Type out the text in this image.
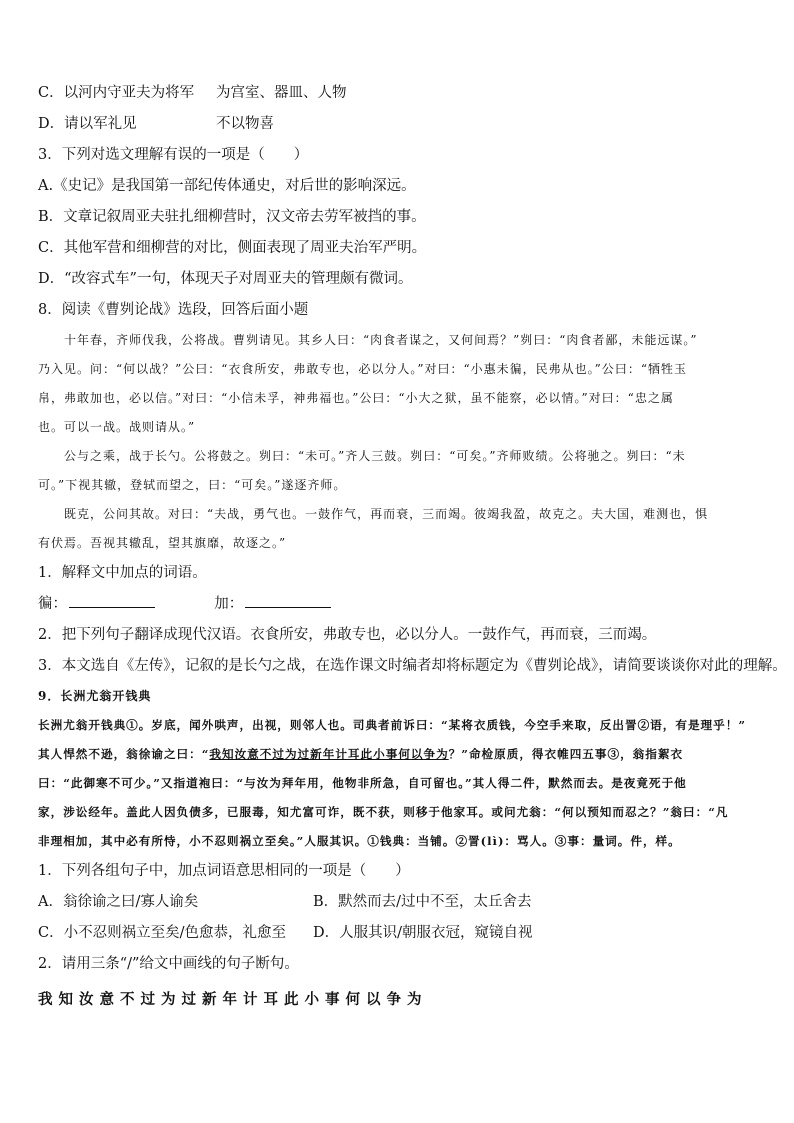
C．以河内守亚夫为将军 为宫室、器皿、人物
D．请以军礼见	不以物喜
3．下列对选文理解有误的一项是（　　）
A.《史记》是我国第一部纪传体通史，对后世的影响深远。
B．文章记叙周亚夫驻扎细柳营时，汉文帝去劳军被挡的事。
C．其他军营和细柳营的对比，侧面表现了周亚夫治军严明。
D．“改容式车”一句，体现天子对周亚夫的管理颇有微词。
8．阅读《曹刿论战》选段，回答后面小题
十年春，齐师伐我，公将战。曹刿请见。其乡人曰：“肉食者谋之，又何间焉？”刿曰：“肉食者鄙，未能远谋。”
乃入见。问：“何以战？”公曰：“衣食所安，弗敢专也，必以分人。”对曰：“小惠未徧，民弗从也。”公曰：“牺牲玉
帛，弗敢加也，必以信。”对曰：“小信未孚，神弗福也。”公曰：“小大之狱，虽不能察，必以情。”对曰：“忠之属
也。可以一战。战则请从。”
公与之乘，战于长勺。公将鼓之。刿曰：“未可。”齐人三鼓。刿曰：“可矣。”齐师败绩。公将驰之。刿曰：“未
可。”下视其辙，登轼而望之，曰：“可矣。”遂逐齐师。
既克，公问其故。对曰：“夫战，勇气也。一鼓作气，再而衰，三而竭。彼竭我盈，故克之。夫大国，难测也，惧
有伏焉。吾视其辙乱，望其旗靡，故逐之。”
1．解释文中加点的词语。
徧：	加：
2．把下列句子翻译成现代汉语。衣食所安，弗敢专也，必以分人。一鼓作气，再而衰，三而竭。
3．本文选自《左传》，记叙的是长勺之战，在选作课文时编者却将标题定为《曹刿论战》，请简要谈谈你对此的理解。
9．长洲尤翁开钱典
长洲尤翁开钱典①。岁底，闻外哄声，出视，则邻人也。司典者前诉曰：“某将衣质钱，今空手来取，反出詈②语，有是理乎！”
其人悍然不逊，翁徐谕之曰：“我知汝意不过为过新年计耳此小事何以争为？”命检原质，得衣帷四五事③，翁指絮衣
曰：“此御寒不可少。”又指道袍曰：“与汝为拜年用，他物非所急，自可留也。”其人得二件，默然而去。是夜竟死于他
家，涉讼经年。盖此人因负债多，已服毒，知尤富可诈，既不获，则移于他家耳。或问尤翁：“何以预知而忍之？”翁曰：“凡
非理相加，其中必有所恃，小不忍则祸立至矣。”人服其识。①钱典：当铺。②詈(lì)：骂人。③事：量词。件，样。
1．下列各组句子中，加点词语意思相同的一项是（　　）
A．翁徐谕之曰/寡人谕矣	B．默然而去/过中不至，太丘舍去
C．小不忍则祸立至矣/色愈恭，礼愈至 D．人服其识/朝服衣冠，窥镜自视
2．请用三条“/”给文中画线的句子断句。
我知汝意不过为过新年计耳此小事何以争为
